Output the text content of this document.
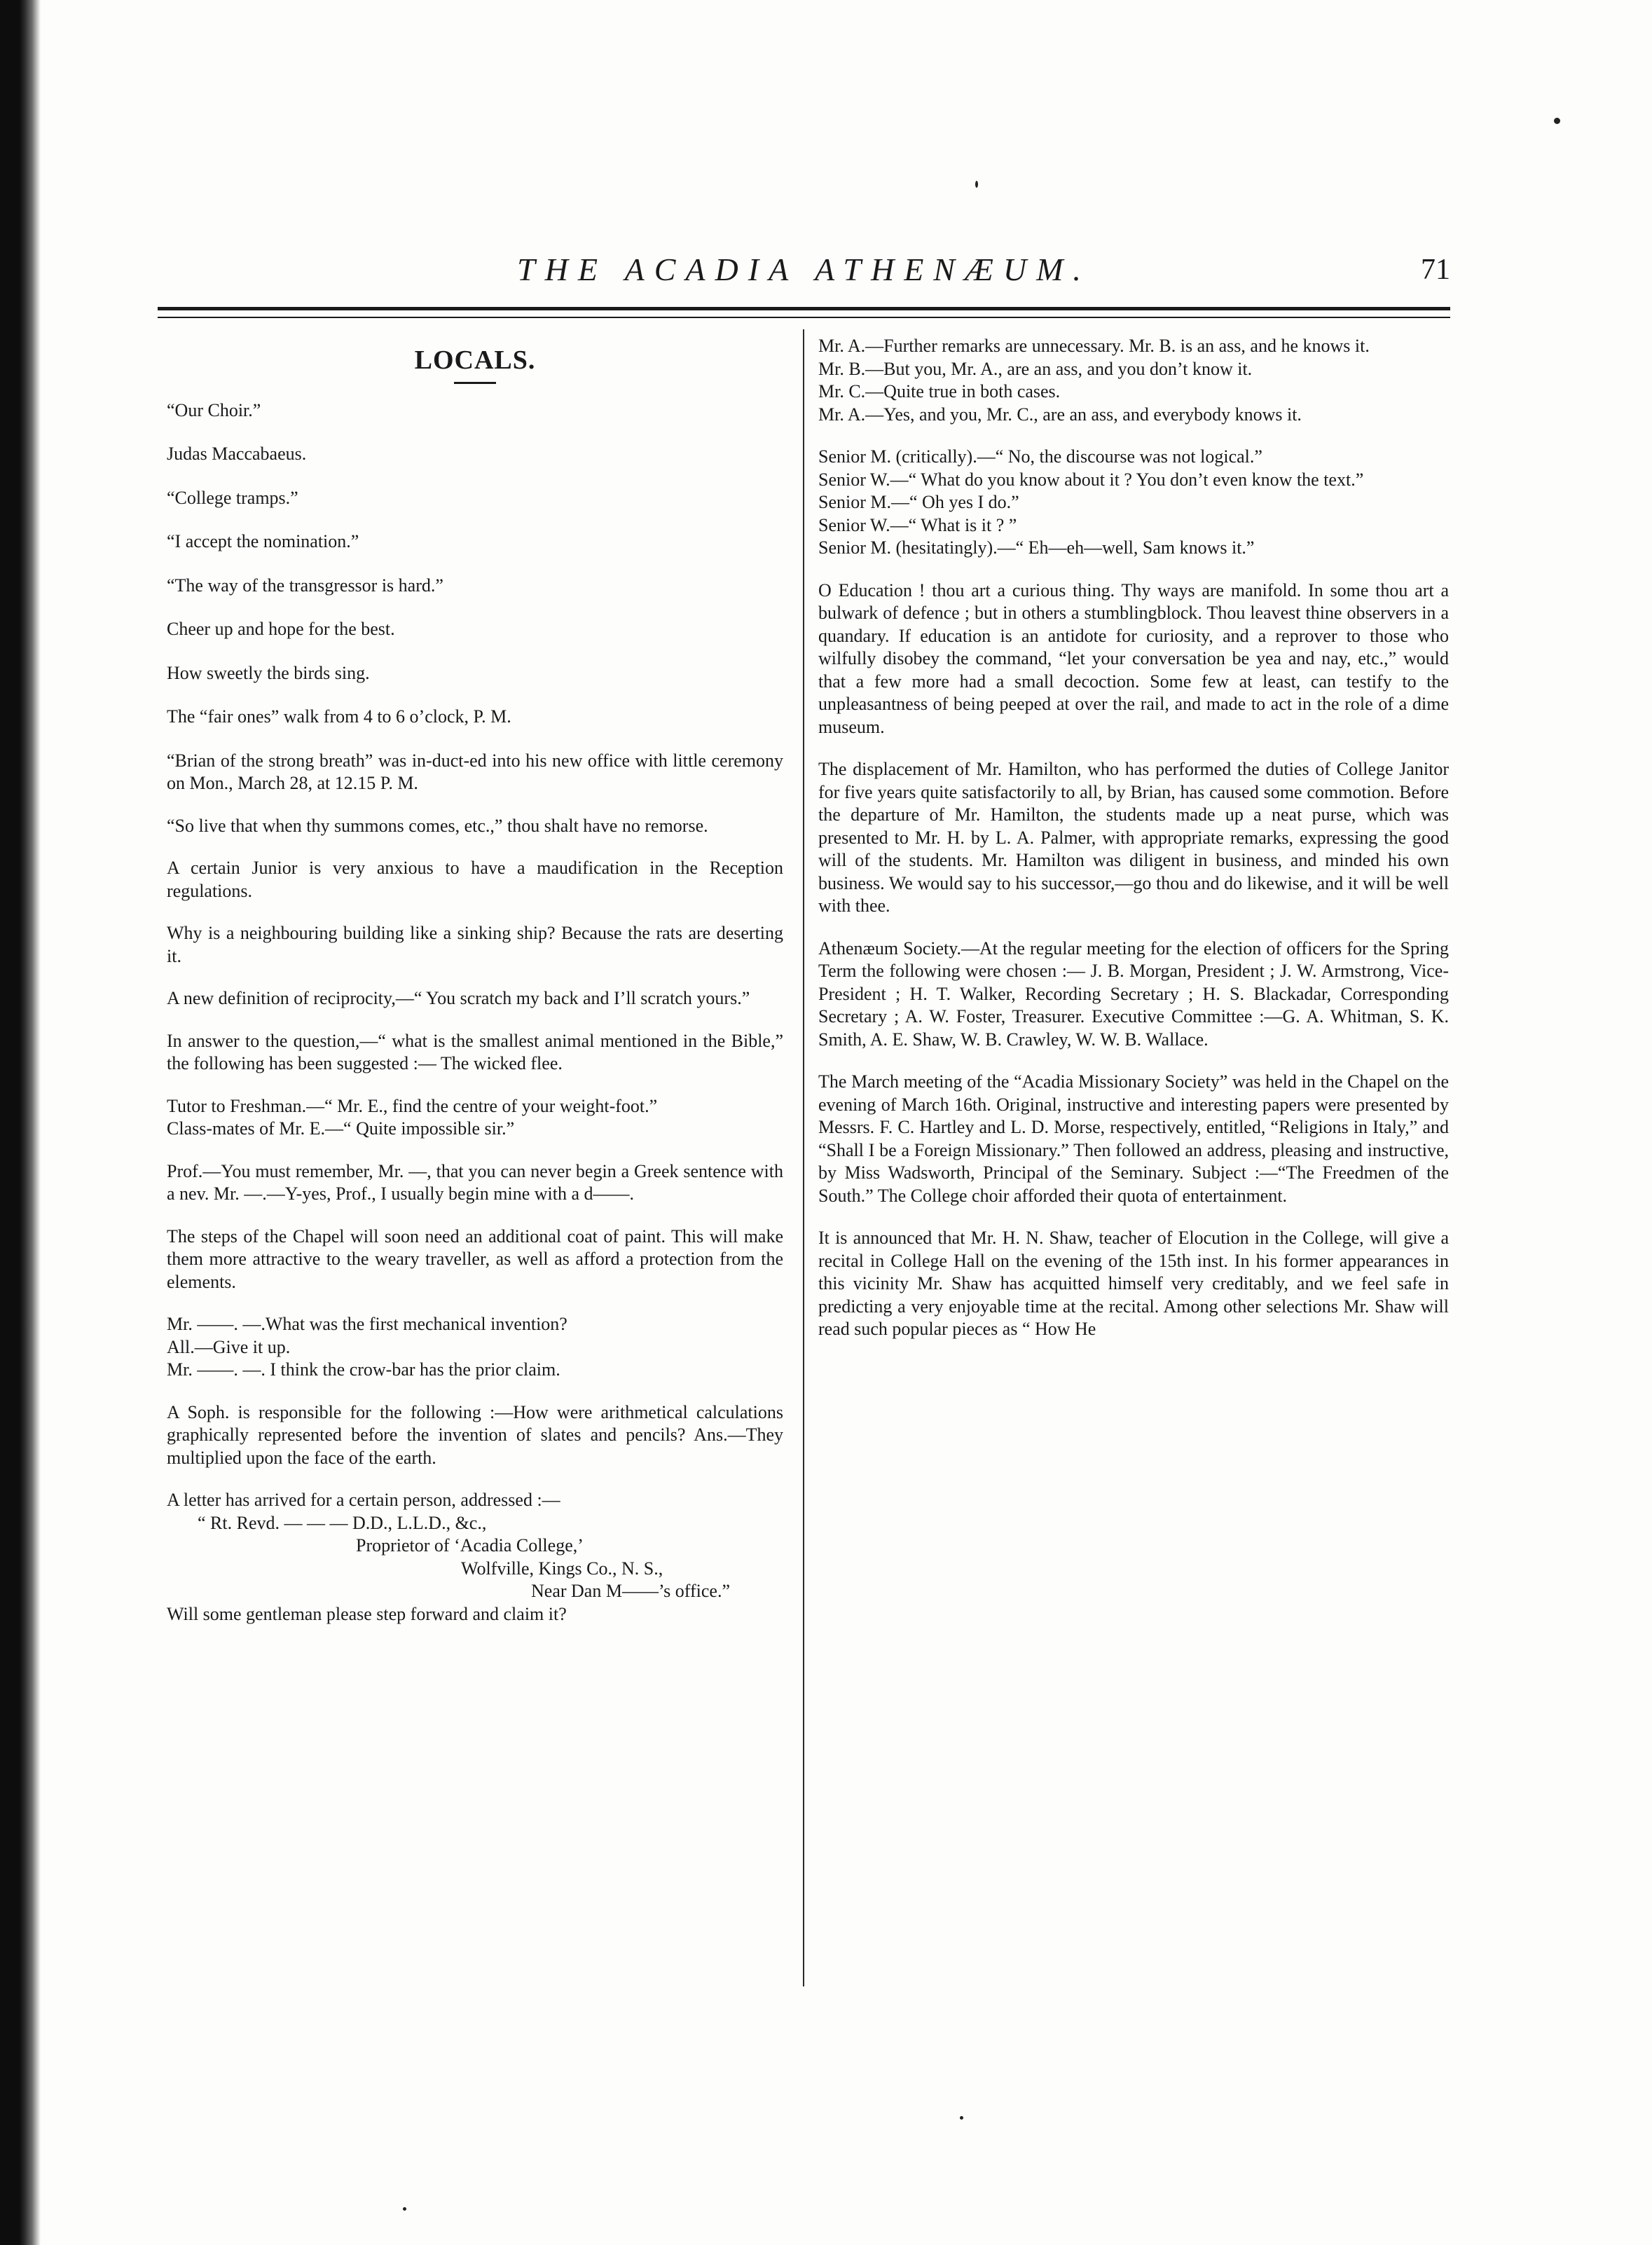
THE ACADIA ATHENÆUM.	71
LOCALS.

“Our Choir.”

Judas Maccabaeus.

“College tramps.”

“I accept the nomination.”

“The way of the transgressor is hard.”

Cheer up and hope for the best.

How sweetly the birds sing.

The “fair ones” walk from 4 to 6 o’clock, P. M.

“Brian of the strong breath” was in-duct-ed into his new office with little ceremony on Mon., March 28, at 12.15 P. M.

“So live that when thy summons comes, etc.,” thou shalt have no remorse.

A certain Junior is very anxious to have a maudification in the Reception regulations.

Why is a neighbouring building like a sinking ship? Because the rats are deserting it.

A new definition of reciprocity,—“ You scratch my back and I’ll scratch yours.”

In answer to the question,—“ what is the smallest animal mentioned in the Bible,” the following has been suggested :— The wicked flee.

Tutor to Freshman.—“ Mr. E., find the centre of your weight-foot.”

Class-mates of Mr. E.—“ Quite impossible sir.”

Prof.—You must remember, Mr. —, that you can never begin a Greek sentence with a nev. Mr. —.—Y-yes, Prof., I usually begin mine with a d——.

The steps of the Chapel will soon need an additional coat of paint. This will make them more attractive to the weary traveller, as well as afford a protection from the elements.

Mr. ——. —.What was the first mechanical invention?

All.—Give it up.

Mr. ——. —. I think the crow-bar has the prior claim.

A Soph. is responsible for the following :—How were arithmetical calculations graphically represented before the invention of slates and pencils? Ans.—They multiplied upon the face of the earth.

A letter has arrived for a certain person, addressed :—

“ Rt. Revd. — — — D.D., L.L.D., &c.,

Proprietor of ‘Acadia College,’

Wolfville, Kings Co., N. S.,

Near Dan M——’s office.”

Will some gentleman please step forward and claim it?

Mr. A.—Further remarks are unnecessary. Mr. B. is an ass, and he knows it.

Mr. B.—But you, Mr. A., are an ass, and you don’t know it.

Mr. C.—Quite true in both cases.

Mr. A.—Yes, and you, Mr. C., are an ass, and everybody knows it.

Senior M. (critically).—“ No, the discourse was not logical.”

Senior W.—“ What do you know about it ? You don’t even know the text.”

Senior M.—“ Oh yes I do.”

Senior W.—“ What is it ? ”

Senior M. (hesitatingly).—“ Eh—eh—well, Sam knows it.”

O Education ! thou art a curious thing. Thy ways are manifold. In some thou art a bulwark of defence ; but in others a stumblingblock. Thou leavest thine observers in a quandary. If education is an antidote for curiosity, and a reprover to those who wilfully disobey the command, “let your conversation be yea and nay, etc.,” would that a few more had a small decoction. Some few at least, can testify to the unpleasantness of being peeped at over the rail, and made to act in the role of a dime museum.

The displacement of Mr. Hamilton, who has performed the duties of College Janitor for five years quite satisfactorily to all, by Brian, has caused some commotion. Before the departure of Mr. Hamilton, the students made up a neat purse, which was presented to Mr. H. by L. A. Palmer, with appropriate remarks, expressing the good will of the students. Mr. Hamilton was diligent in business, and minded his own business. We would say to his successor,—go thou and do likewise, and it will be well with thee.

Athenæum Society.—At the regular meeting for the election of officers for the Spring Term the following were chosen :— J. B. Morgan, President ; J. W. Armstrong, Vice-President ; H. T. Walker, Recording Secretary ; H. S. Blackadar, Corresponding Secretary ; A. W. Foster, Treasurer. Executive Committee :—G. A. Whitman, S. K. Smith, A. E. Shaw, W. B. Crawley, W. W. B. Wallace.

The March meeting of the “Acadia Missionary Society” was held in the Chapel on the evening of March 16th. Original, instructive and interesting papers were presented by Messrs. F. C. Hartley and L. D. Morse, respectively, entitled, “Religions in Italy,” and “Shall I be a Foreign Missionary.” Then followed an address, pleasing and instructive, by Miss Wadsworth, Principal of the Seminary. Subject :—“The Freedmen of the South.” The College choir afforded their quota of entertainment.

It is announced that Mr. H. N. Shaw, teacher of Elocution in the College, will give a recital in College Hall on the evening of the 15th inst. In his former appearances in this vicinity Mr. Shaw has acquitted himself very creditably, and we feel safe in predicting a very enjoyable time at the recital. Among other selections Mr. Shaw will read such popular pieces as “ How He
